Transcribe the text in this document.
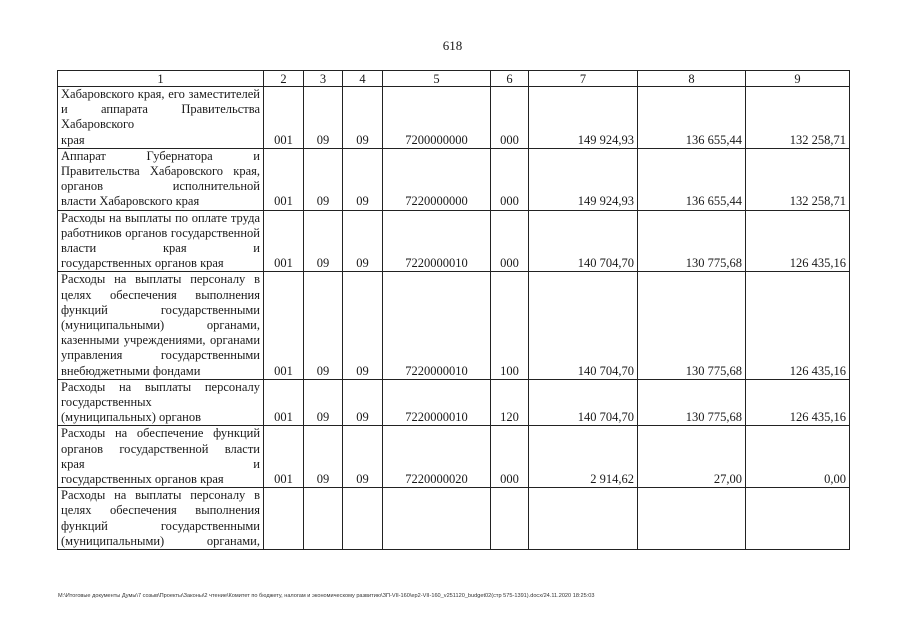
618
1	2	3	4	5	6	7	8	9
Хабаровского края, его заместителей и аппарата Правительства Хабаровского
края	001	09	09	7200000000	000	149 924,93	136 655,44	132 258,71
Аппарат Губернатора и Правительства Хабаровского края, органов исполнительной
власти Хабаровского края	001	09	09	7220000000	000	149 924,93	136 655,44	132 258,71
Расходы на выплаты по оплате труда работников органов государственной власти края и
государственных органов края	001	09	09	7220000010	000	140 704,70	130 775,68	126 435,16
Расходы на выплаты персоналу в целях обеспечения выполнения функций государственными (муниципальными) органами, казенными учреждениями, органами управления государственными
внебюджетными фондами	001	09	09	7220000010	100	140 704,70	130 775,68	126 435,16
Расходы на выплаты персоналу государственных
(муниципальных) органов	001	09	09	7220000010	120	140 704,70	130 775,68	126 435,16
Расходы на обеспечение функций органов государственной власти края и
государственных органов края	001	09	09	7220000020	000	2 914,62	27,00	0,00
Расходы на выплаты персоналу в целях обеспечения выполнения функций государственными (муниципальными) органами,

M:\Итоговые документы Думы\7 созыв\Проекты\Законы\2 чтение\Комитет по бюджету, налогам и экономическому развитию\ЗП-VII-160\ep2-VII-160_v251120_budget02(стр 575-1391).docx/24.11.2020 18:25:03
